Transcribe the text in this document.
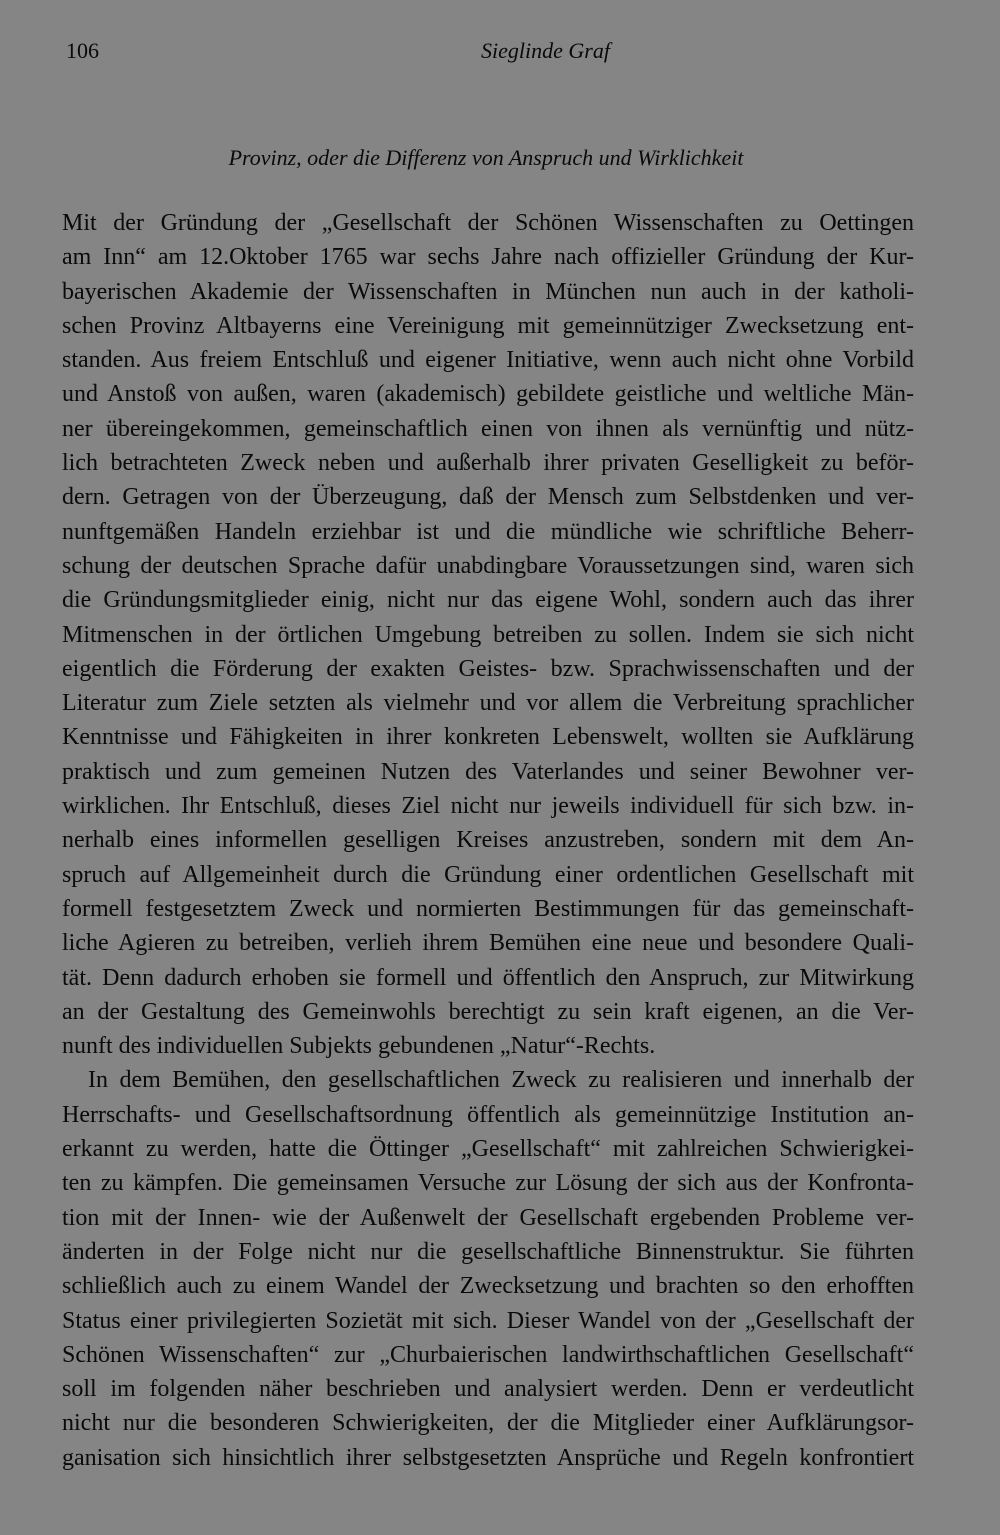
106	Sieglinde Graf
Provinz, oder die Differenz von Anspruch und Wirklichkeit
Mit der Gründung der „Gesellschaft der Schönen Wissenschaften zu Oettingen
am Inn“ am 12.Oktober 1765 war sechs Jahre nach offizieller Gründung der Kur-
bayerischen Akademie der Wissenschaften in München nun auch in der katholi-
schen Provinz Altbayerns eine Vereinigung mit gemeinnütziger Zwecksetzung ent-
standen. Aus freiem Entschluß und eigener Initiative, wenn auch nicht ohne Vorbild
und Anstoß von außen, waren (akademisch) gebildete geistliche und weltliche Män-
ner übereingekommen, gemeinschaftlich einen von ihnen als vernünftig und nütz-
lich betrachteten Zweck neben und außerhalb ihrer privaten Geselligkeit zu beför-
dern. Getragen von der Überzeugung, daß der Mensch zum Selbstdenken und ver-
nunftgemäßen Handeln erziehbar ist und die mündliche wie schriftliche Beherr-
schung der deutschen Sprache dafür unabdingbare Voraussetzungen sind, waren sich
die Gründungsmitglieder einig, nicht nur das eigene Wohl, sondern auch das ihrer
Mitmenschen in der örtlichen Umgebung betreiben zu sollen. Indem sie sich nicht
eigentlich die Förderung der exakten Geistes- bzw. Sprachwissenschaften und der
Literatur zum Ziele setzten als vielmehr und vor allem die Verbreitung sprachlicher
Kenntnisse und Fähigkeiten in ihrer konkreten Lebenswelt, wollten sie Aufklärung
praktisch und zum gemeinen Nutzen des Vaterlandes und seiner Bewohner ver-
wirklichen. Ihr Entschluß, dieses Ziel nicht nur jeweils individuell für sich bzw. in-
nerhalb eines informellen geselligen Kreises anzustreben, sondern mit dem An-
spruch auf Allgemeinheit durch die Gründung einer ordentlichen Gesellschaft mit
formell festgesetztem Zweck und normierten Bestimmungen für das gemeinschaft-
liche Agieren zu betreiben, verlieh ihrem Bemühen eine neue und besondere Quali-
tät. Denn dadurch erhoben sie formell und öffentlich den Anspruch, zur Mitwirkung
an der Gestaltung des Gemeinwohls berechtigt zu sein kraft eigenen, an die Ver-
nunft des individuellen Subjekts gebundenen „Natur“-Rechts.
In dem Bemühen, den gesellschaftlichen Zweck zu realisieren und innerhalb der
Herrschafts- und Gesellschaftsordnung öffentlich als gemeinnützige Institution an-
erkannt zu werden, hatte die Öttinger „Gesellschaft“ mit zahlreichen Schwierigkei-
ten zu kämpfen. Die gemeinsamen Versuche zur Lösung der sich aus der Konfronta-
tion mit der Innen- wie der Außenwelt der Gesellschaft ergebenden Probleme ver-
änderten in der Folge nicht nur die gesellschaftliche Binnenstruktur. Sie führten
schließlich auch zu einem Wandel der Zwecksetzung und brachten so den erhofften
Status einer privilegierten Sozietät mit sich. Dieser Wandel von der „Gesellschaft der
Schönen Wissenschaften“ zur „Churbaierischen landwirthschaftlichen Gesellschaft“
soll im folgenden näher beschrieben und analysiert werden. Denn er verdeutlicht
nicht nur die besonderen Schwierigkeiten, der die Mitglieder einer Aufklärungsor-
ganisation sich hinsichtlich ihrer selbstgesetzten Ansprüche und Regeln konfrontiert
